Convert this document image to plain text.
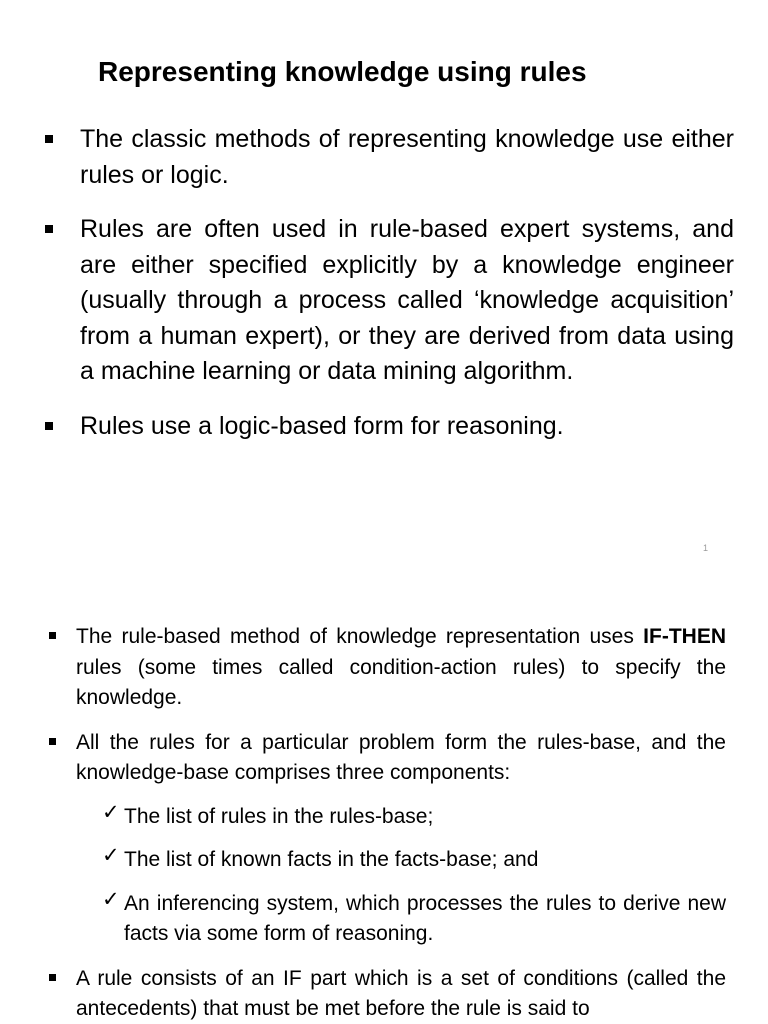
Representing knowledge using rules
The classic methods of representing knowledge use either rules or logic.
Rules are often used in rule-based expert systems, and are either specified explicitly by a knowledge engineer (usually through a process called ‘knowledge acquisition’ from a human expert), or they are derived from data using a machine learning or data mining algorithm.
Rules use a logic-based form for reasoning.
1
The rule-based method of knowledge representation uses IF-THEN rules (some times called condition-action rules) to specify the knowledge.
All the rules for a particular problem form the rules-base, and the knowledge-base comprises three components:
✓ The list of rules in the rules-base;
✓ The list of known facts in the facts-base; and
✓ An inferencing system, which processes the rules to derive new facts via some form of reasoning.
A rule consists of an IF part which is a set of conditions (called the antecedents) that must be met before the rule is said to
